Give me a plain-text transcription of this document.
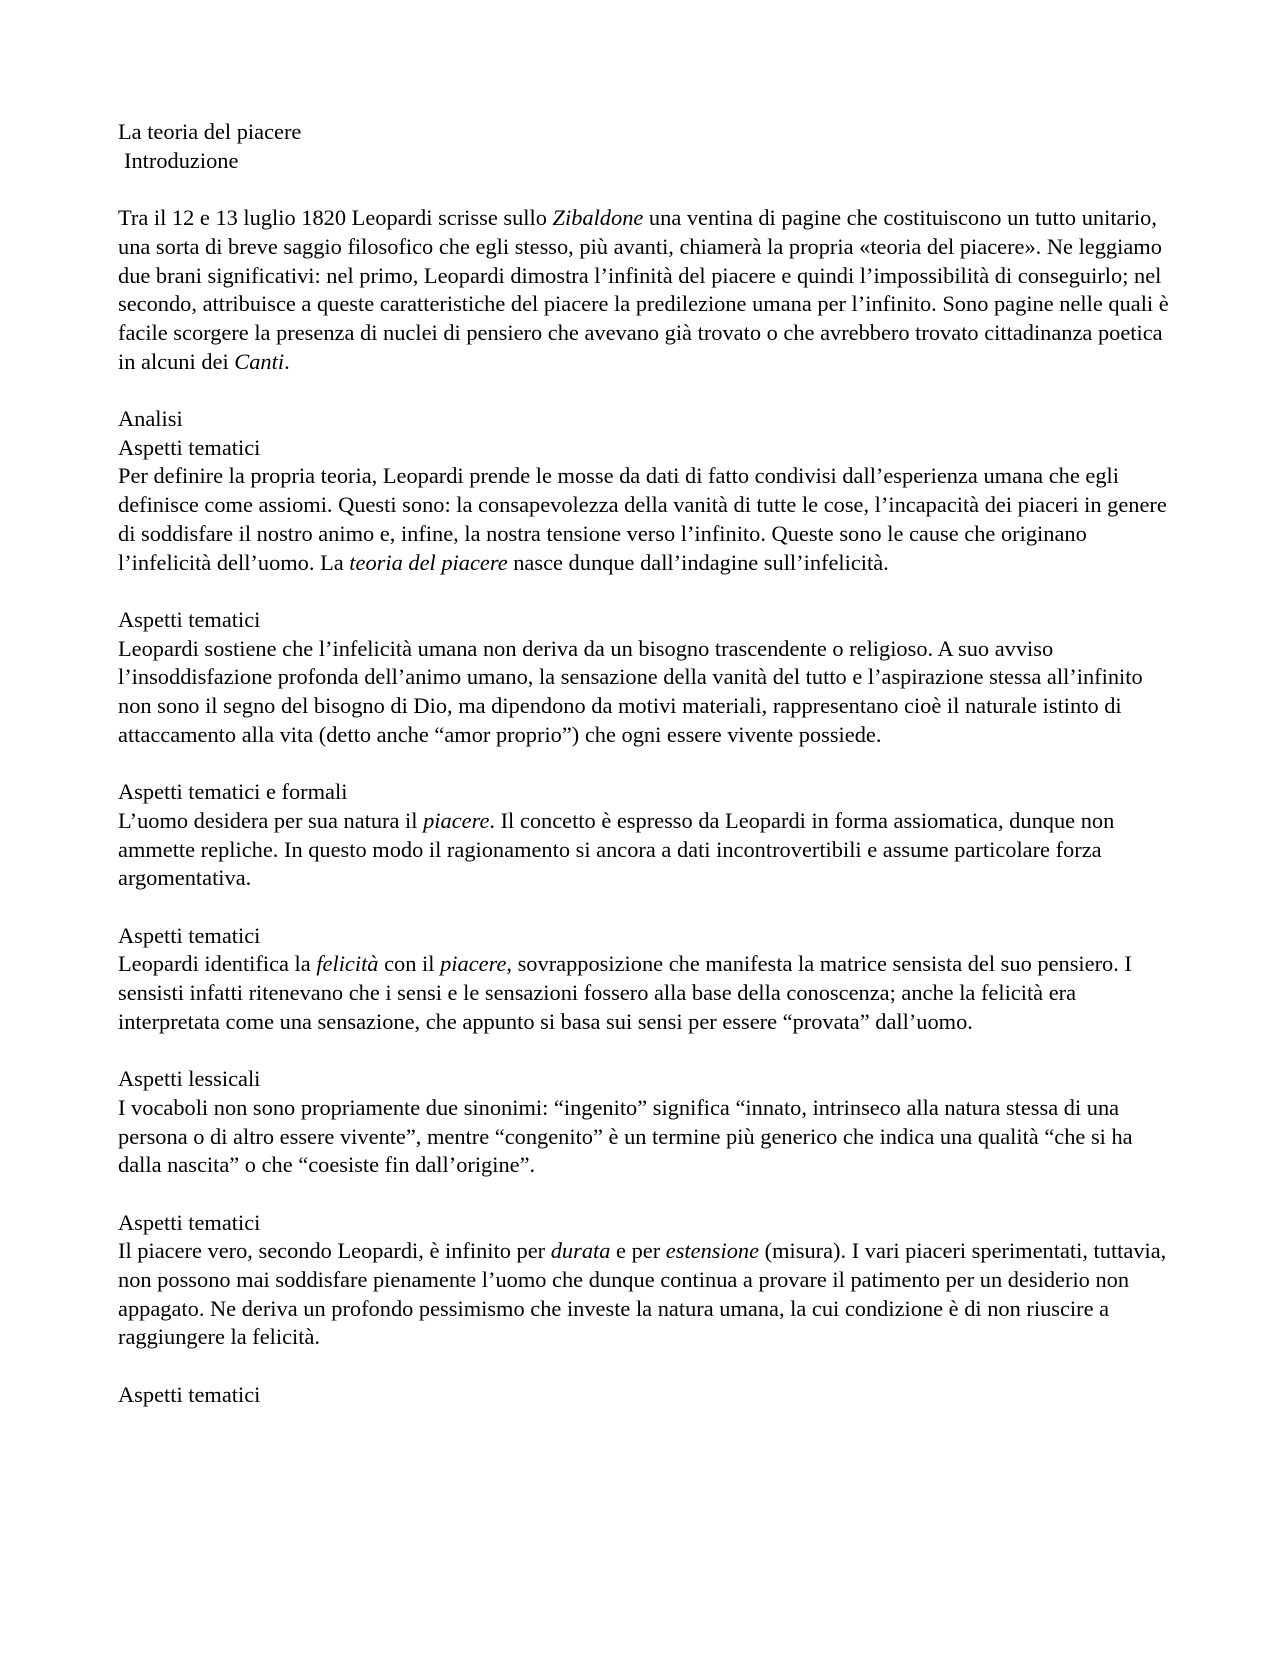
La teoria del piacere

Introduzione

Tra il 12 e 13 luglio 1820 Leopardi scrisse sullo Zibaldone una ventina di pagine che costituiscono un tutto unitario, una sorta di breve saggio filosofico che egli stesso, più avanti, chiamerà la propria «teoria del piacere». Ne leggiamo due brani significativi: nel primo, Leopardi dimostra l’infinità del piacere e quindi l’impossibilità di conseguirlo; nel secondo, attribuisce a queste caratteristiche del piacere la predilezione umana per l’infinito. Sono pagine nelle quali è facile scorgere la presenza di nuclei di pensiero che avevano già trovato o che avrebbero trovato cittadinanza poetica in alcuni dei Canti.

Analisi

Aspetti tematici

Per definire la propria teoria, Leopardi prende le mosse da dati di fatto condivisi dall’esperienza umana che egli definisce come assiomi. Questi sono: la consapevolezza della vanità di tutte le cose, l’incapacità dei piaceri in genere di soddisfare il nostro animo e, infine, la nostra tensione verso l’infinito. Queste sono le cause che originano l’infelicità dell’uomo. La teoria del piacere nasce dunque dall’indagine sull’infelicità.

Aspetti tematici

Leopardi sostiene che l’infelicità umana non deriva da un bisogno trascendente o religioso. A suo avviso l’insoddisfazione profonda dell’animo umano, la sensazione della vanità del tutto e l’aspirazione stessa all’infinito non sono il segno del bisogno di Dio, ma dipendono da motivi materiali, rappresentano cioè il naturale istinto di attaccamento alla vita (detto anche “amor proprio”) che ogni essere vivente possiede.

Aspetti tematici e formali

L’uomo desidera per sua natura il piacere. Il concetto è espresso da Leopardi in forma assiomatica, dunque non ammette repliche. In questo modo il ragionamento si ancora a dati incontrovertibili e assume particolare forza argomentativa.

Aspetti tematici

Leopardi identifica la felicità con il piacere, sovrapposizione che manifesta la matrice sensista del suo pensiero. I sensisti infatti ritenevano che i sensi e le sensazioni fossero alla base della conoscenza; anche la felicità era interpretata come una sensazione, che appunto si basa sui sensi per essere “provata” dall’uomo.

Aspetti lessicali

I vocaboli non sono propriamente due sinonimi: “ingenito” significa “innato, intrinseco alla natura stessa di una persona o di altro essere vivente”, mentre “congenito” è un termine più generico che indica una qualità “che si ha dalla nascita” o che “coesiste fin dall’origine”.

Aspetti tematici

Il piacere vero, secondo Leopardi, è infinito per durata e per estensione (misura). I vari piaceri sperimentati, tuttavia, non possono mai soddisfare pienamente l’uomo che dunque continua a provare il patimento per un desiderio non appagato. Ne deriva un profondo pessimismo che investe la natura umana, la cui condizione è di non riuscire a raggiungere la felicità.

Aspetti tematici
